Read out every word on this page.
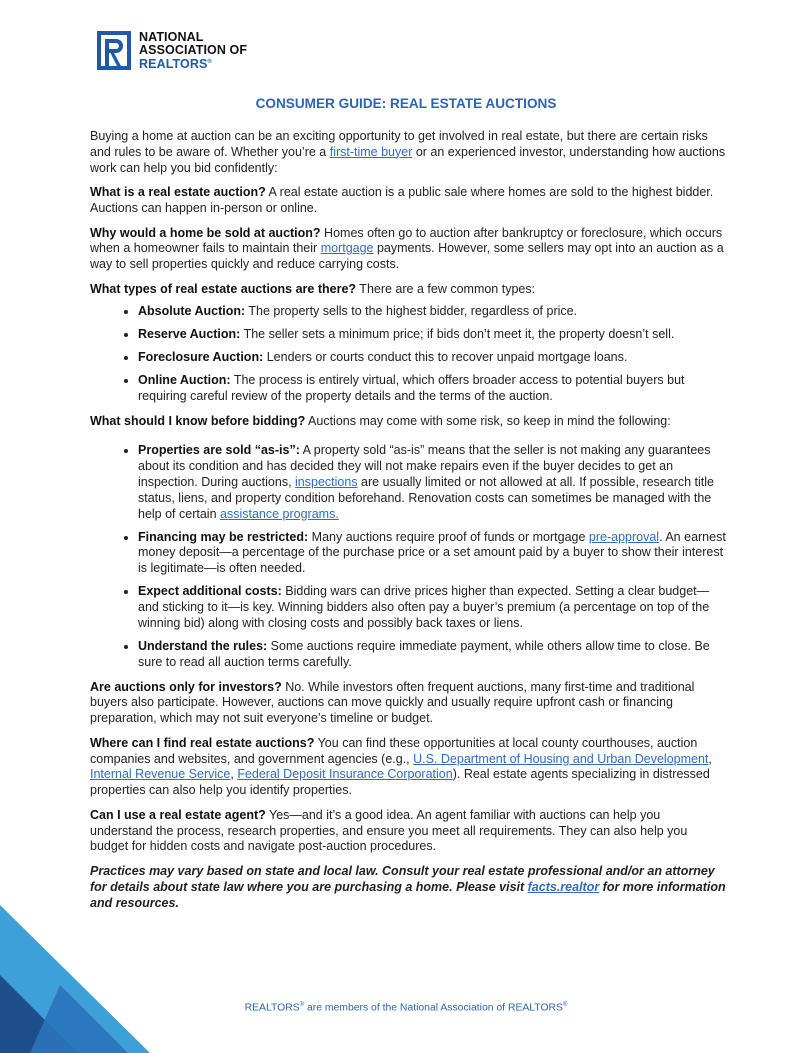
NATIONAL
ASSOCIATION OF
REALTORS®
CONSUMER GUIDE: REAL ESTATE AUCTIONS

Buying a home at auction can be an exciting opportunity to get involved in real estate, but there are certain risks and rules to be aware of. Whether you’re a first-time buyer or an experienced investor, understanding how auctions work can help you bid confidently:

What is a real estate auction? A real estate auction is a public sale where homes are sold to the highest bidder. Auctions can happen in-person or online.

Why would a home be sold at auction? Homes often go to auction after bankruptcy or foreclosure, which occurs when a homeowner fails to maintain their mortgage payments. However, some sellers may opt into an auction as a way to sell properties quickly and reduce carrying costs.

What types of real estate auctions are there? There are a few common types:

• Absolute Auction: The property sells to the highest bidder, regardless of price.
• Reserve Auction: The seller sets a minimum price; if bids don’t meet it, the property doesn’t sell.
• Foreclosure Auction: Lenders or courts conduct this to recover unpaid mortgage loans.
• Online Auction: The process is entirely virtual, which offers broader access to potential buyers but requiring careful review of the property details and the terms of the auction.

What should I know before bidding? Auctions may come with some risk, so keep in mind the following:

• Properties are sold “as-is”: A property sold “as-is” means that the seller is not making any guarantees about its condition and has decided they will not make repairs even if the buyer decides to get an inspection. During auctions, inspections are usually limited or not allowed at all. If possible, research title status, liens, and property condition beforehand. Renovation costs can sometimes be managed with the help of certain assistance programs.
• Financing may be restricted: Many auctions require proof of funds or mortgage pre-approval. An earnest money deposit—a percentage of the purchase price or a set amount paid by a buyer to show their interest is legitimate—is often needed.
• Expect additional costs: Bidding wars can drive prices higher than expected. Setting a clear budget—and sticking to it—is key. Winning bidders also often pay a buyer’s premium (a percentage on top of the winning bid) along with closing costs and possibly back taxes or liens.
• Understand the rules: Some auctions require immediate payment, while others allow time to close. Be sure to read all auction terms carefully.

Are auctions only for investors? No. While investors often frequent auctions, many first-time and traditional buyers also participate. However, auctions can move quickly and usually require upfront cash or financing preparation, which may not suit everyone’s timeline or budget.

Where can I find real estate auctions? You can find these opportunities at local county courthouses, auction companies and websites, and government agencies (e.g., U.S. Department of Housing and Urban Development, Internal Revenue Service, Federal Deposit Insurance Corporation). Real estate agents specializing in distressed properties can also help you identify properties.

Can I use a real estate agent? Yes—and it’s a good idea. An agent familiar with auctions can help you understand the process, research properties, and ensure you meet all requirements. They can also help you budget for hidden costs and navigate post-auction procedures.

Practices may vary based on state and local law. Consult your real estate professional and/or an attorney for details about state law where you are purchasing a home. Please visit facts.realtor for more information and resources.

REALTORS® are members of the National Association of REALTORS®
